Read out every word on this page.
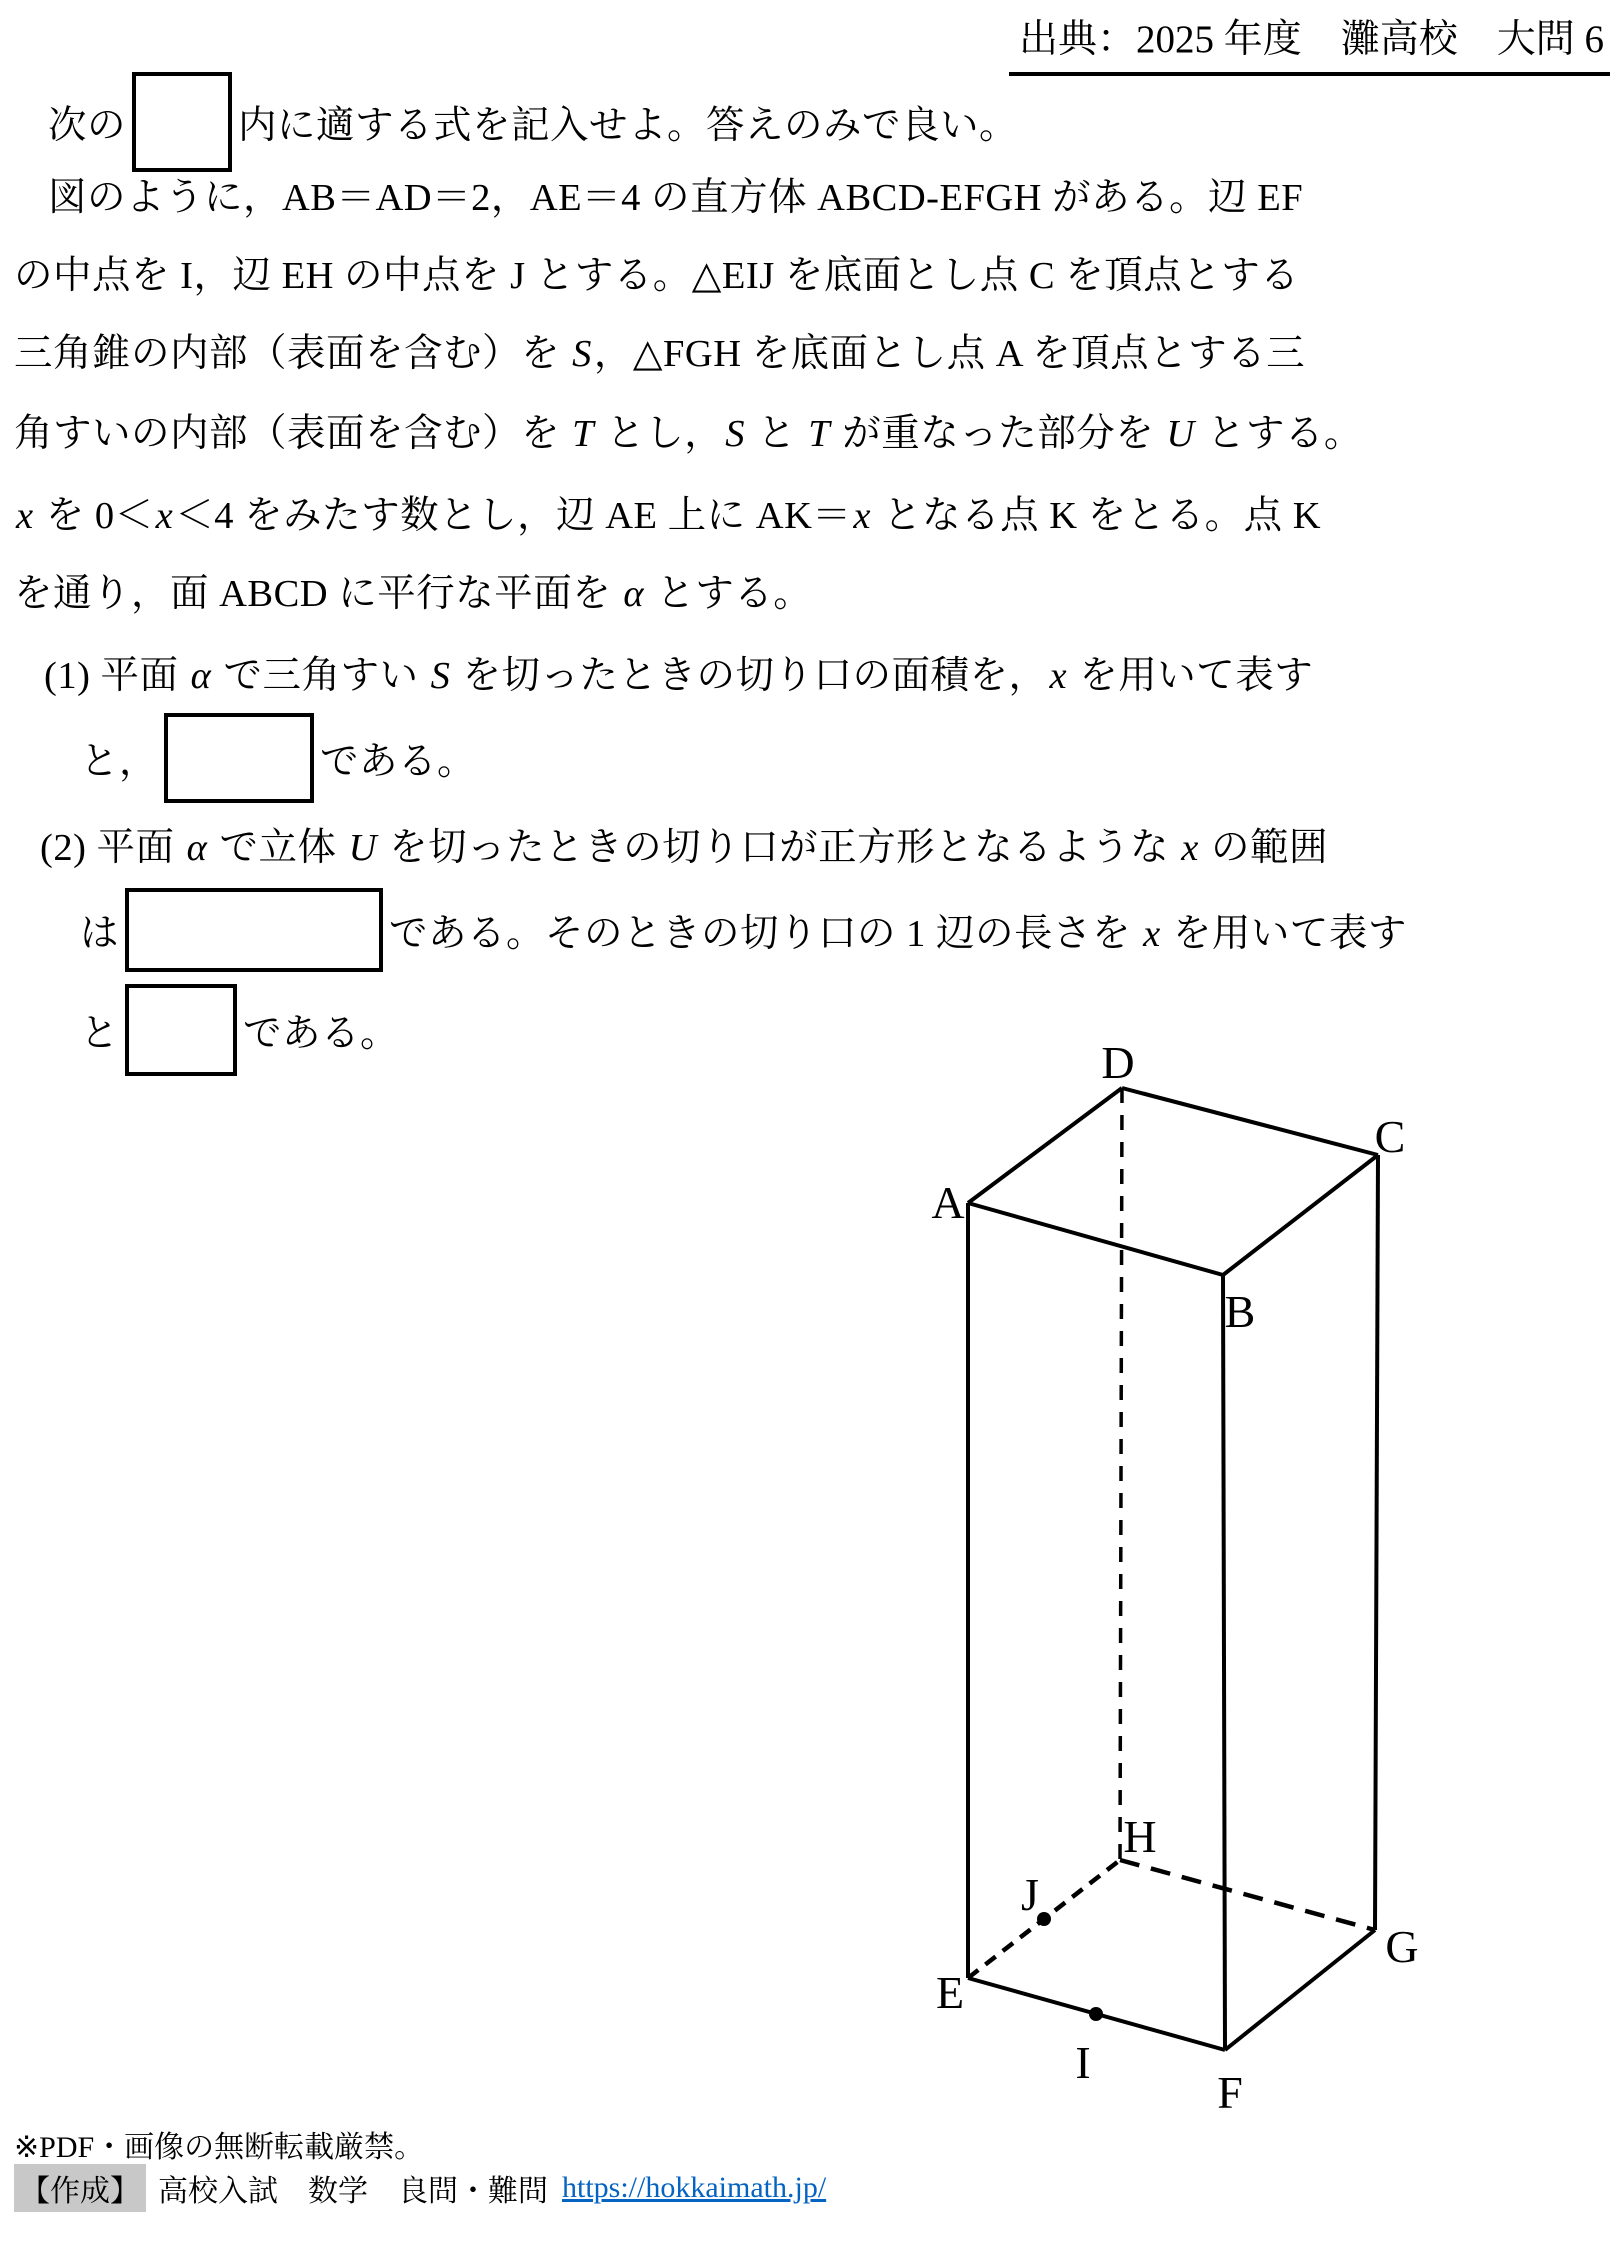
出典：2025 年度　灘高校　大問 6
次の	内に適する式を記入せよ。答えのみで良い。
図のように，AB＝AD＝2，AE＝4 の直方体 ABCD-EFGH がある。辺 EF
の中点を I，辺 EH の中点を J とする。△EIJ を底面とし点 C を頂点とする
三角錐の内部（表面を含む）を S，△FGH を底面とし点 A を頂点とする三
角すいの内部（表面を含む）を T とし，S と T が重なった部分を U とする。
x を 0＜x＜4 をみたす数とし，辺 AE 上に AK＝x となる点 K をとる。点 K
を通り，面 ABCD に平行な平面を α とする。
(1) 平面 α で三角すい S を切ったときの切り口の面積を，x を用いて表す
と，	である。
(2) 平面 α で立体 U を切ったときの切り口が正方形となるような x の範囲
は	である。そのときの切り口の 1 辺の長さを x を用いて表す
と	である。
A
B
C
D
E
F
G
H
I
J
※PDF・画像の無断転載厳禁。
【作成】 高校入試　数学　良問・難問 https://hokkaimath.jp/
